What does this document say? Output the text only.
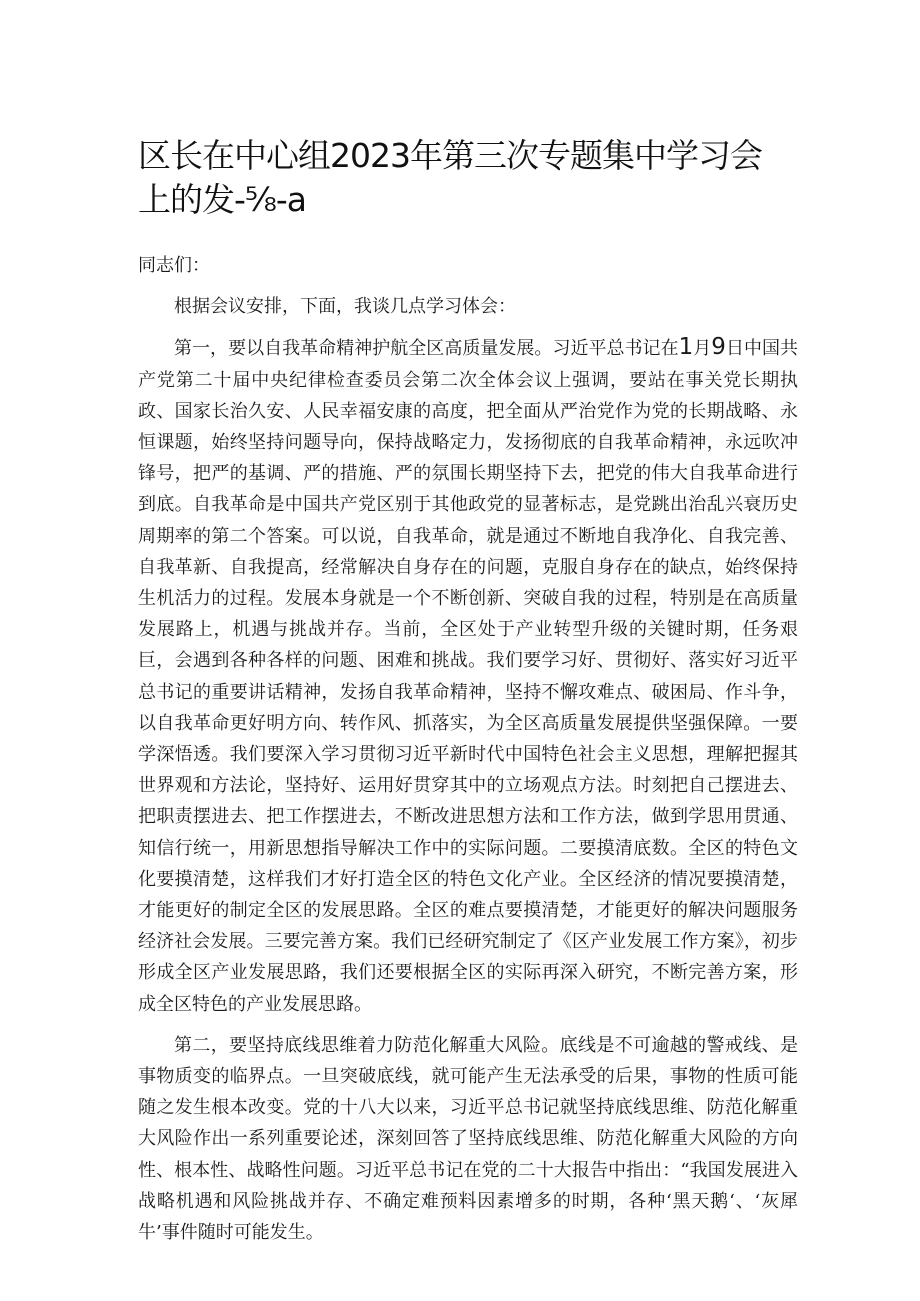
区长在中心组2023年第三次专题集中学习会上的发-⅝-a

同志们：

根据会议安排，下面，我谈几点学习体会：

第一，要以自我革命精神护航全区高质量发展。习近平总书记在1月9日中国共产党第二十届中央纪律检查委员会第二次全体会议上强调，要站在事关党长期执政、国家长治久安、人民幸福安康的高度，把全面从严治党作为党的长期战略、永恒课题，始终坚持问题导向，保持战略定力，发扬彻底的自我革命精神，永远吹冲锋号，把严的基调、严的措施、严的氛围长期坚持下去，把党的伟大自我革命进行到底。自我革命是中国共产党区别于其他政党的显著标志，是党跳出治乱兴衰历史周期率的第二个答案。可以说，自我革命，就是通过不断地自我净化、自我完善、自我革新、自我提高，经常解决自身存在的问题，克服自身存在的缺点，始终保持生机活力的过程。发展本身就是一个不断创新、突破自我的过程，特别是在高质量发展路上，机遇与挑战并存。当前，全区处于产业转型升级的关键时期，任务艰巨，会遇到各种各样的问题、困难和挑战。我们要学习好、贯彻好、落实好习近平总书记的重要讲话精神，发扬自我革命精神，坚持不懈攻难点、破困局、作斗争，以自我革命更好明方向、转作风、抓落实，为全区高质量发展提供坚强保障。一要学深悟透。我们要深入学习贯彻习近平新时代中国特色社会主义思想，理解把握其世界观和方法论，坚持好、运用好贯穿其中的立场观点方法。时刻把自己摆进去、把职责摆进去、把工作摆进去，不断改进思想方法和工作方法，做到学思用贯通、知信行统一，用新思想指导解决工作中的实际问题。二要摸清底数。全区的特色文化要摸清楚，这样我们才好打造全区的特色文化产业。全区经济的情况要摸清楚，才能更好的制定全区的发展思路。全区的难点要摸清楚，才能更好的解决问题服务经济社会发展。三要完善方案。我们已经研究制定了《区产业发展工作方案》，初步形成全区产业发展思路，我们还要根据全区的实际再深入研究，不断完善方案，形成全区特色的产业发展思路。

第二，要坚持底线思维着力防范化解重大风险。底线是不可逾越的警戒线、是事物质变的临界点。一旦突破底线，就可能产生无法承受的后果，事物的性质可能随之发生根本改变。党的十八大以来，习近平总书记就坚持底线思维、防范化解重大风险作出一系列重要论述，深刻回答了坚持底线思维、防范化解重大风险的方向性、根本性、战略性问题。习近平总书记在党的二十大报告中指出：“我国发展进入战略机遇和风险挑战并存、不确定难预料因素增多的时期，各种‘黑天鹅‘、‘灰犀牛’事件随时可能发生。
